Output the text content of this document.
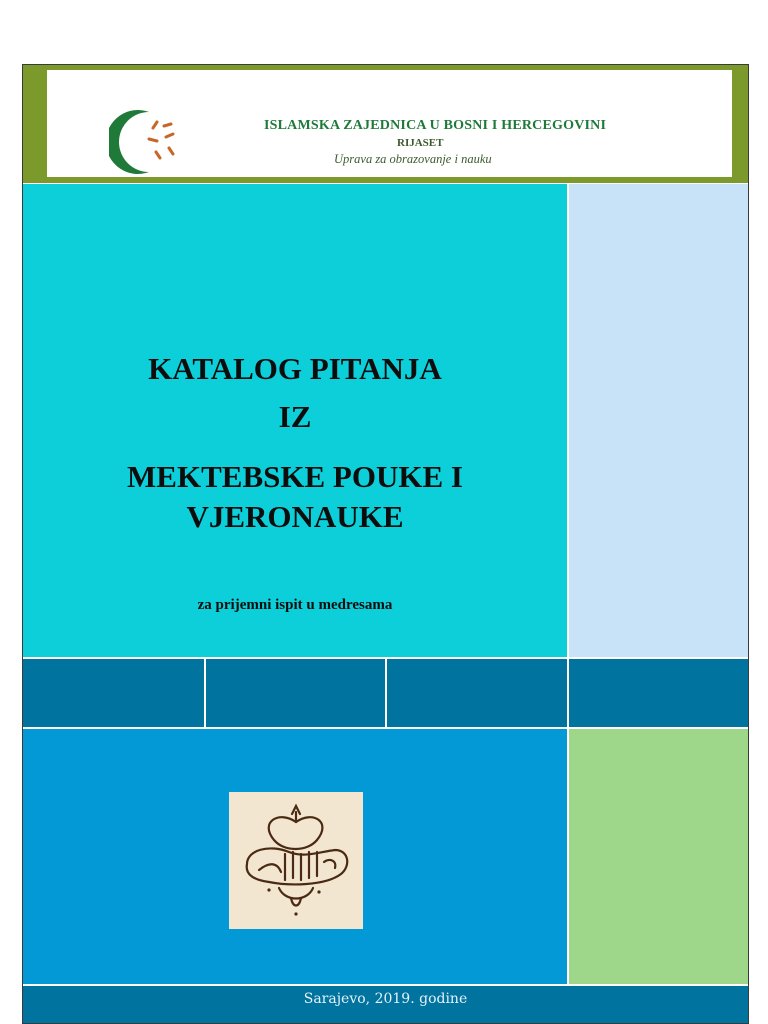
ISLAMSKA ZAJEDNICA U BOSNI I HERCEGOVINI
RIJASET
Uprava za obrazovanje i nauku
KATALOG PITANJA
IZ
MEKTEBSKE POUKE I
VJERONAUKE
za prijemni ispit u medresama
Sarajevo, 2019. godine
